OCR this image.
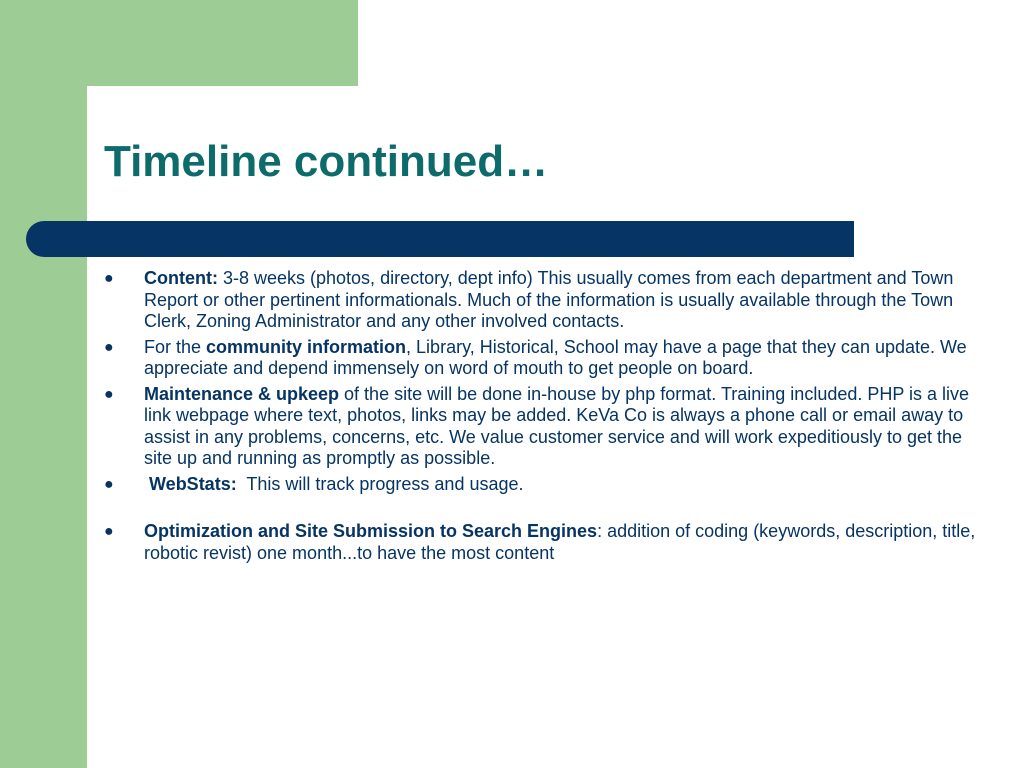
Timeline continued…
● Content: 3-8 weeks (photos, directory, dept info) This usually comes from each department and Town Report or other pertinent informationals. Much of the information is usually available through the Town Clerk, Zoning Administrator and any other involved contacts.
● For the community information, Library, Historical, School may have a page that they can update. We appreciate and depend immensely on word of mouth to get people on board.
● Maintenance & upkeep of the site will be done in-house by php format. Training included. PHP is a live link webpage where text, photos, links may be added. KeVa Co is always a phone call or email away to assist in any problems, concerns, etc. We value customer service and will work expeditiously to get the site up and running as promptly as possible.
● WebStats:  This will track progress and usage.
● Optimization and Site Submission to Search Engines: addition of coding (keywords, description, title, robotic revist) one month...to have the most content
